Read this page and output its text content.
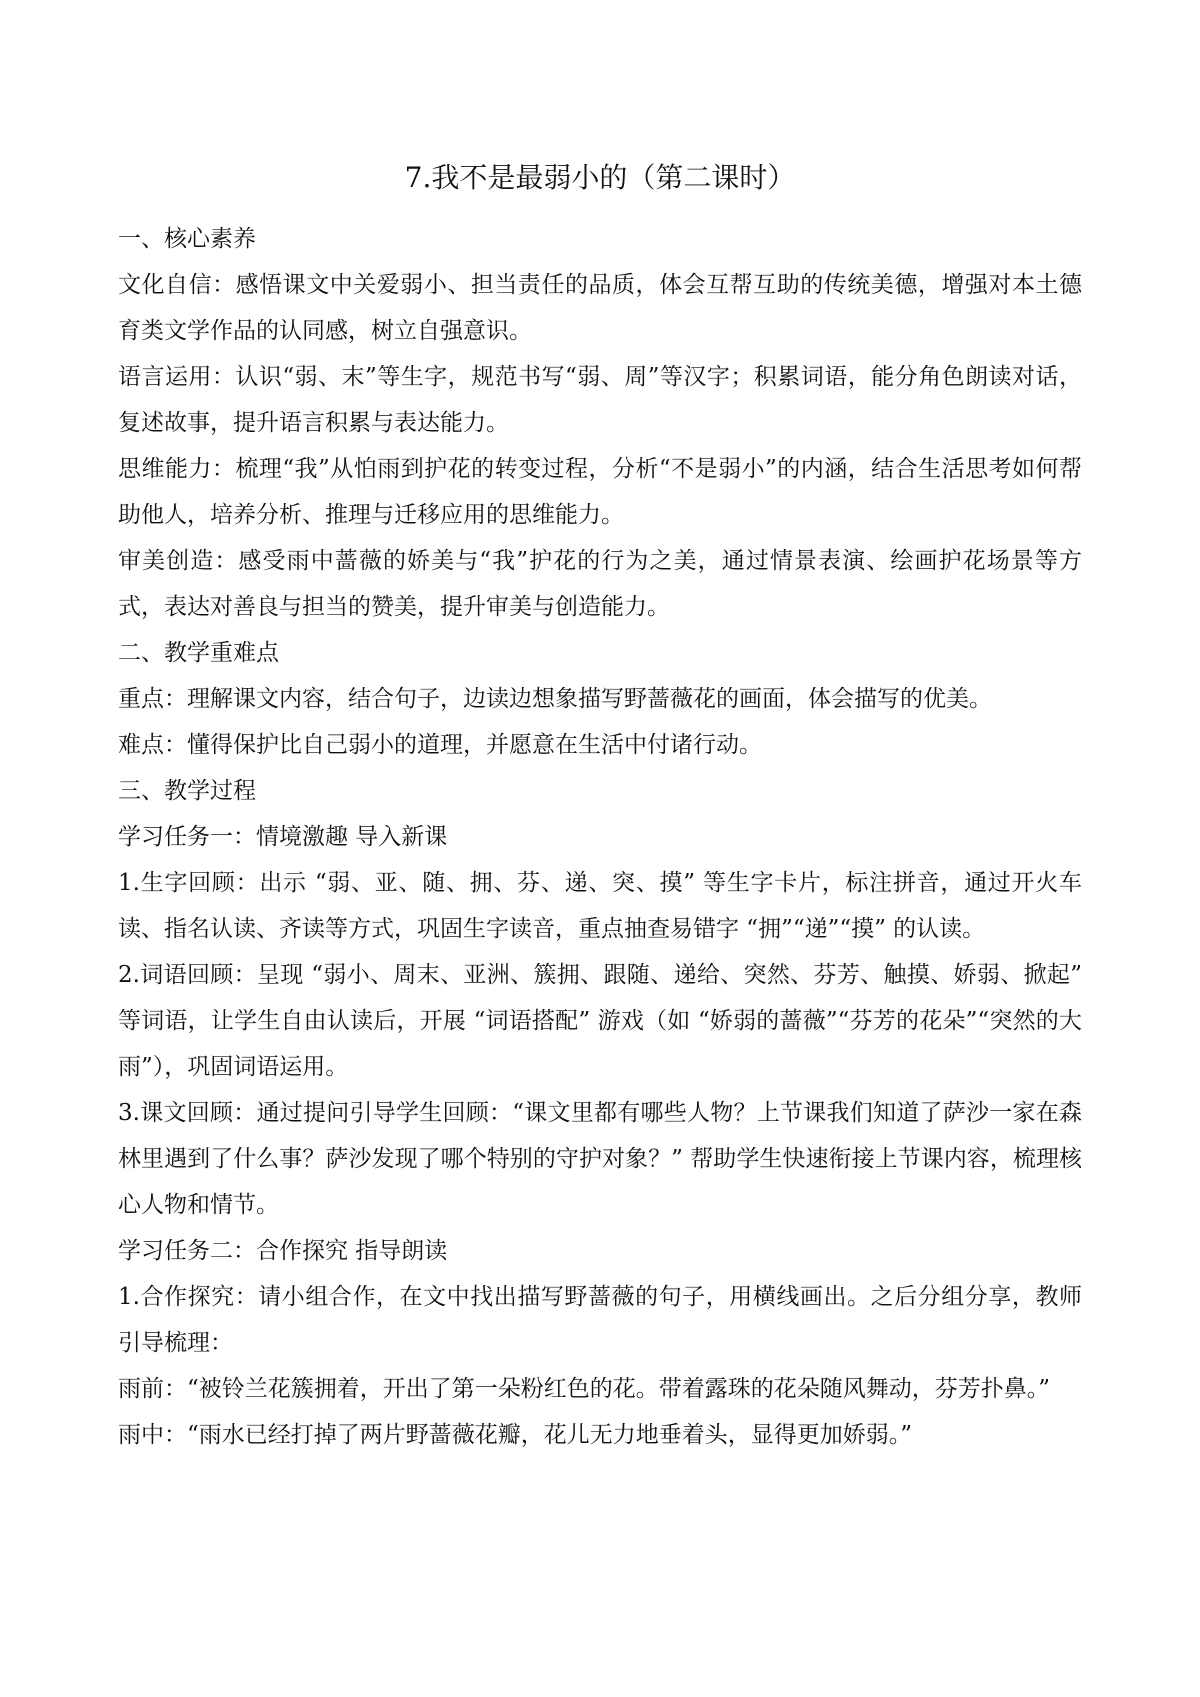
7.我不是最弱小的（第二课时）

一、核心素养

文化自信：感悟课文中关爱弱小、担当责任的品质，体会互帮互助的传统美德，增强对本土德育类文学作品的认同感，树立自强意识。

语言运用：认识“弱、末”等生字，规范书写“弱、周”等汉字；积累词语，能分角色朗读对话，复述故事，提升语言积累与表达能力。

思维能力：梳理“我”从怕雨到护花的转变过程，分析“不是弱小”的内涵，结合生活思考如何帮助他人，培养分析、推理与迁移应用的思维能力。

审美创造：感受雨中蔷薇的娇美与“我”护花的行为之美，通过情景表演、绘画护花场景等方式，表达对善良与担当的赞美，提升审美与创造能力。

二、教学重难点

重点：理解课文内容，结合句子，边读边想象描写野蔷薇花的画面，体会描写的优美。

难点：懂得保护比自己弱小的道理，并愿意在生活中付诸行动。

三、教学过程

学习任务一：情境激趣 导入新课

1.生字回顾：出示 “弱、亚、随、拥、芬、递、突、摸” 等生字卡片，标注拼音，通过开火车读、指名认读、齐读等方式，巩固生字读音，重点抽查易错字 “拥”“递”“摸” 的认读。

2.词语回顾：呈现 “弱小、周末、亚洲、簇拥、跟随、递给、突然、芬芳、触摸、娇弱、掀起” 等词语，让学生自由认读后，开展 “词语搭配” 游戏（如 “娇弱的蔷薇”“芬芳的花朵”“突然的大雨”），巩固词语运用。

3.课文回顾：通过提问引导学生回顾：“课文里都有哪些人物？上节课我们知道了萨沙一家在森林里遇到了什么事？萨沙发现了哪个特别的守护对象？” 帮助学生快速衔接上节课内容，梳理核心人物和情节。

学习任务二：合作探究 指导朗读

1.合作探究：请小组合作，在文中找出描写野蔷薇的句子，用横线画出。之后分组分享，教师引导梳理：

雨前：“被铃兰花簇拥着，开出了第一朵粉红色的花。带着露珠的花朵随风舞动，芬芳扑鼻。”

雨中：“雨水已经打掉了两片野蔷薇花瓣，花儿无力地垂着头，显得更加娇弱。”
